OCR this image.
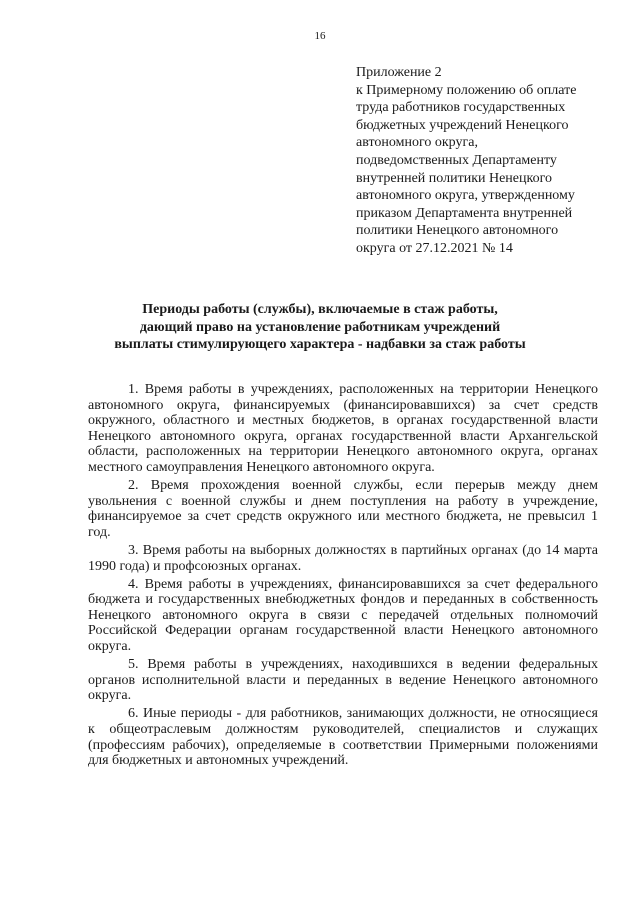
16
Приложение 2
к Примерному положению об оплате
труда работников государственных
бюджетных учреждений Ненецкого
автономного округа,
подведомственных Департаменту
внутренней политики Ненецкого
автономного округа, утвержденному
приказом Департамента внутренней
политики Ненецкого автономного
округа от 27.12.2021 № 14
Периоды работы (службы), включаемые в стаж работы,
дающий право на установление работникам учреждений
выплаты стимулирующего характера - надбавки за стаж работы

1. Время работы в учреждениях, расположенных на территории Ненецкого автономного округа, финансируемых (финансировавшихся) за счет средств окружного, областного и местных бюджетов, в органах государственной власти Ненецкого автономного округа, органах государственной власти Архангельской области, расположенных на территории Ненецкого автономного округа, органах местного самоуправления Ненецкого автономного округа.

2. Время прохождения военной службы, если перерыв между днем увольнения с военной службы и днем поступления на работу в учреждение, финансируемое за счет средств окружного или местного бюджета, не превысил 1 год.

3. Время работы на выборных должностях в партийных органах (до 14 марта 1990 года) и профсоюзных органах.

4. Время работы в учреждениях, финансировавшихся за счет федерального бюджета и государственных внебюджетных фондов и переданных в собственность Ненецкого автономного округа в связи с передачей отдельных полномочий Российской Федерации органам государственной власти Ненецкого автономного округа.

5. Время работы в учреждениях, находившихся в ведении федеральных органов исполнительной власти и переданных в ведение Ненецкого автономного округа.

6. Иные периоды - для работников, занимающих должности, не относящиеся к общеотраслевым должностям руководителей, специалистов и служащих (профессиям рабочих), определяемые в соответствии Примерными положениями для бюджетных и автономных учреждений.
